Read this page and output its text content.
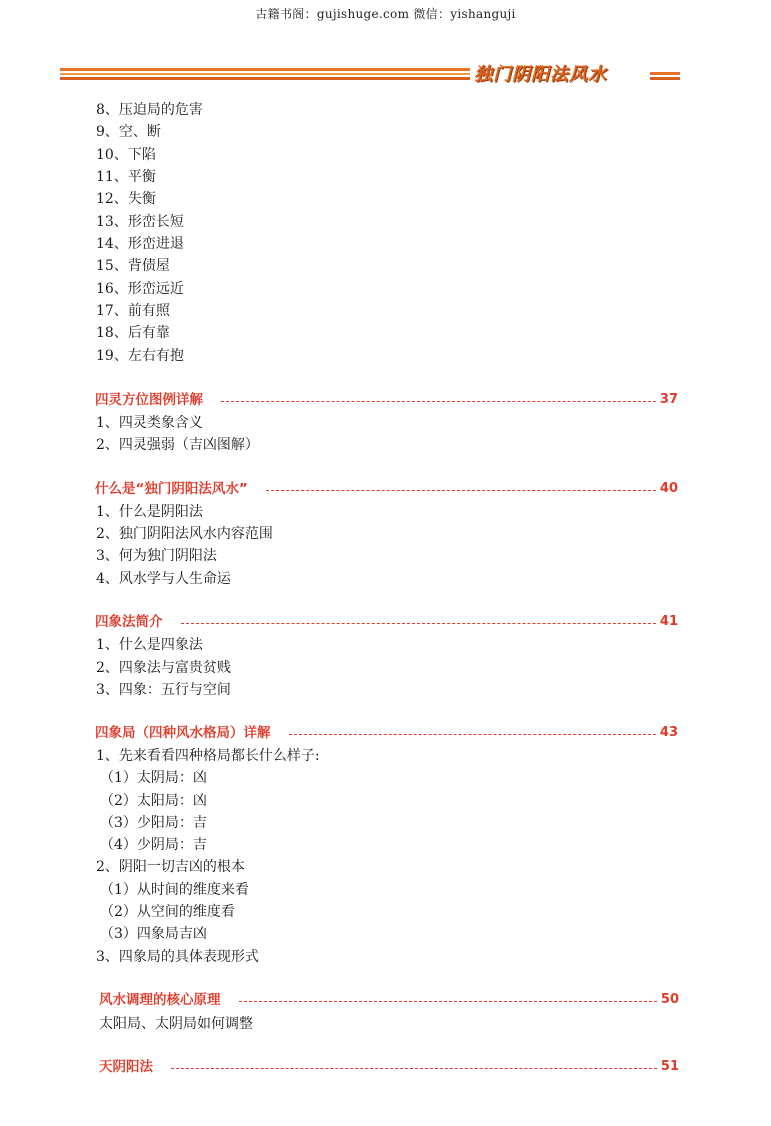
古籍书阁：gujishuge.com 微信：yishanguji
独门阴阳法风水
8、压迫局的危害
9、空、断
10、下陷
11、平衡
12、失衡
13、形峦长短
14、形峦进退
15、背债屋
16、形峦远近
17、前有照
18、后有靠
19、左右有抱
四灵方位图例详解	37
1、四灵类象含义
2、四灵强弱（吉凶图解）
什么是“独门阴阳法风水”	40
1、什么是阴阳法
2、独门阴阳法风水内容范围
3、何为独门阴阳法
4、风水学与人生命运
四象法简介	41
1、什么是四象法
2、四象法与富贵贫贱
3、四象：五行与空间
四象局（四种风水格局）详解	43
1、先来看看四种格局都长什么样子:
（1）太阴局：凶
（2）太阳局：凶
（3）少阳局：吉
（4）少阴局：吉
2、阴阳一切吉凶的根本
（1）从时间的维度来看
（2）从空间的维度看
（3）四象局吉凶
3、四象局的具体表现形式
风水调理的核心原理	50
太阳局、太阴局如何调整
天阴阳法	51
